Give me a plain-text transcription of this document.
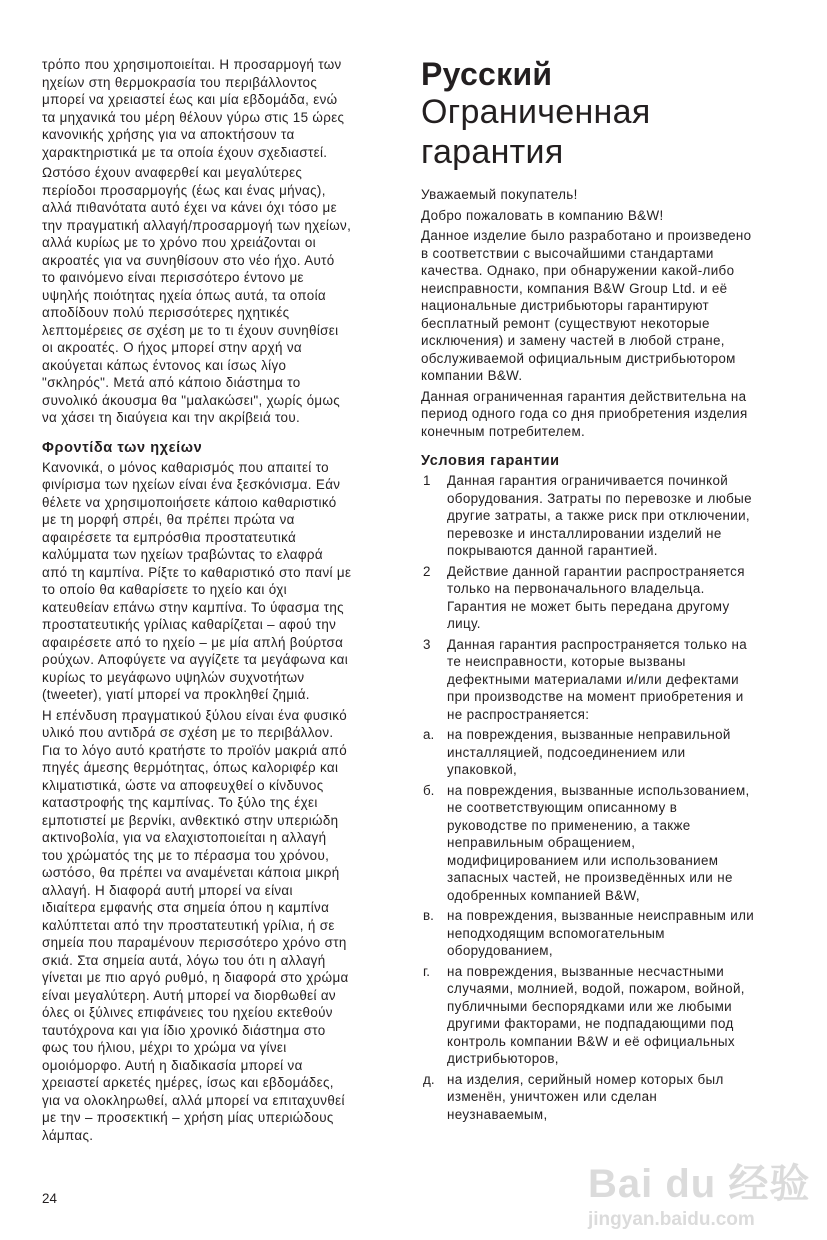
τρόπο που χρησιμοποιείται. Η προσαρμογή των
ηχείων στη θερμοκρασία του περιβάλλοντος
μπορεί να χρειαστεί έως και μία εβδομάδα, ενώ
τα μηχανικά του μέρη θέλουν γύρω στις 15 ώρες
κανονικής χρήσης για να αποκτήσουν τα
χαρακτηριστικά με τα οποία έχουν σχεδιαστεί.

Ωστόσο έχουν αναφερθεί και μεγαλύτερες
περίοδοι προσαρμογής (έως και ένας μήνας),
αλλά πιθανότατα αυτό έχει να κάνει όχι τόσο με
την πραγματική αλλαγή/προσαρμογή των ηχείων,
αλλά κυρίως με το χρόνο που χρειάζονται οι
ακροατές για να συνηθίσουν στο νέο ήχο. Αυτό
το φαινόμενο είναι περισσότερο έντονο με
υψηλής ποιότητας ηχεία όπως αυτά, τα οποία
αποδίδουν πολύ περισσότερες ηχητικές
λεπτομέρειες σε σχέση με το τι έχουν συνηθίσει
οι ακροατές. Ο ήχος μπορεί στην αρχή να
ακούγεται κάπως έντονος και ίσως λίγο
"σκληρός". Μετά από κάποιο διάστημα το
συνολικό άκουσμα θα "μαλακώσει", χωρίς όμως
να χάσει τη διαύγεια και την ακρίβειά του.

Φροντίδα των ηχείων

Κανονικά, ο μόνος καθαρισμός που απαιτεί το
φινίρισμα των ηχείων είναι ένα ξεσκόνισμα. Εάν
θέλετε να χρησιμοποιήσετε κάποιο καθαριστικό
με τη μορφή σπρέι, θα πρέπει πρώτα να
αφαιρέσετε τα εμπρόσθια προστατευτικά
καλύμματα των ηχείων τραβώντας το ελαφρά
από τη καμπίνα. Ρίξτε το καθαριστικό στο πανί με
το οποίο θα καθαρίσετε το ηχείο και όχι
κατευθείαν επάνω στην καμπίνα. Το ύφασμα της
προστατευτικής γρίλιας καθαρίζεται – αφού την
αφαιρέσετε από το ηχείο – με μία απλή βούρτσα
ρούχων. Αποφύγετε να αγγίζετε τα μεγάφωνα και
κυρίως το μεγάφωνο υψηλών συχνοτήτων
(tweeter), γιατί μπορεί να προκληθεί ζημιά.

Η επένδυση πραγματικού ξύλου είναι ένα φυσικό
υλικό που αντιδρά σε σχέση με το περιβάλλον.
Για το λόγο αυτό κρατήστε το προϊόν μακριά από
πηγές άμεσης θερμότητας, όπως καλοριφέρ και
κλιματιστικά, ώστε να αποφευχθεί ο κίνδυνος
καταστροφής της καμπίνας. Το ξύλο της έχει
εμποτιστεί με βερνίκι, ανθεκτικό στην υπεριώδη
ακτινοβολία, για να ελαχιστοποιείται η αλλαγή
του χρώματός της με το πέρασμα του χρόνου,
ωστόσο, θα πρέπει να αναμένεται κάποια μικρή
αλλαγή. Η διαφορά αυτή μπορεί να είναι
ιδιαίτερα εμφανής στα σημεία όπου η καμπίνα
καλύπτεται από την προστατευτική γρίλια, ή σε
σημεία που παραμένουν περισσότερο χρόνο στη
σκιά. Στα σημεία αυτά, λόγω του ότι η αλλαγή
γίνεται με πιο αργό ρυθμό, η διαφορά στο χρώμα
είναι μεγαλύτερη. Αυτή μπορεί να διορθωθεί αν
όλες οι ξύλινες επιφάνειες του ηχείου εκτεθούν
ταυτόχρονα και για ίδιο χρονικό διάστημα στο
φως του ήλιου, μέχρι το χρώμα να γίνει
ομοιόμορφο. Αυτή η διαδικασία μπορεί να
χρειαστεί αρκετές ημέρες, ίσως και εβδομάδες,
για να ολοκληρωθεί, αλλά μπορεί να επιταχυνθεί
με την – προσεκτική – χρήση μίας υπεριώδους
λάμπας.

Русский
Ограниченная
гарантия

Уважаемый покупатель!

Добро пожаловать в компанию B&W!

Данное изделие было разработано и произведено
в соответствии с высочайшими стандартами
качества. Однако, при обнаружении какой-либо
неисправности, компания B&W Group Ltd. и её
национальные дистрибьюторы гарантируют
бесплатный ремонт (существуют некоторые
исключения) и замену частей в любой стране,
обслуживаемой официальным дистрибьютором
компании B&W.

Данная ограниченная гарантия действительна на
период одного года со дня приобретения изделия
конечным потребителем.

Условия гарантии
1	Данная гарантия ограничивается починкой
оборудования. Затраты по перевозке и любые
другие затраты, а также риск при отключении,
перевозке и инсталлировании изделий не
покрываются данной гарантией.

2	Действие данной гарантии распространяется
только на первоначального владельца.
Гарантия не может быть передана другому
лицу.

3	Данная гарантия распространяется только на
те неисправности, которые вызваны
дефектными материалами и/или дефектами
при производстве на момент приобретения и
не распространяется:

а. на повреждения, вызванные неправильной
инсталляцией, подсоединением или
упаковкой,

б. на повреждения, вызванные использованием,
не соответствующим описанному в
руководстве по применению, а также
неправильным обращением,
модифицированием или использованием
запасных частей, не произведённых или не
одобренных компанией B&W,

в. на повреждения, вызванные неисправным или
неподходящим вспомогательным
оборудованием,

г.	на повреждения, вызванные несчастными
случаями, молнией, водой, пожаром, войной,
публичными беспорядками или же любыми
другими факторами, не подпадающими под
контроль компании B&W и её официальных
дистрибьюторов,

д. на изделия, серийный номер которых был
изменён, уничтожен или сделан
неузнаваемым,

24	Bai du 经验
jingyan.baidu.com
